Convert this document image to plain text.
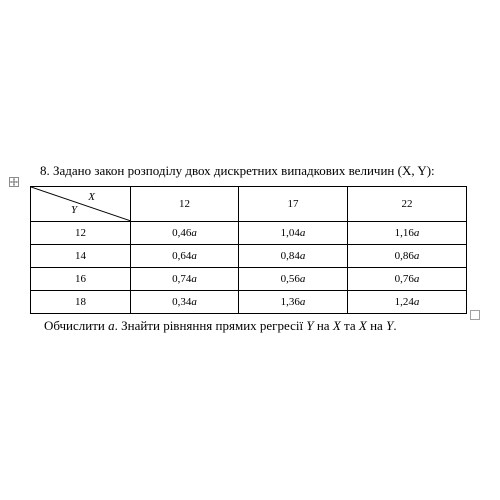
8. Задано закон розподілу двох дискретних випадкових величин (X, Y):

X
Y	12	17	22
12	0,46a	1,04a	1,16a
14	0,64a	0,84a	0,86a
16	0,74a	0,56a	0,76a
18	0,34a	1,36a	1,24a

Обчислити a. Знайти рівняння прямих регресії Y на X та X на Y.
